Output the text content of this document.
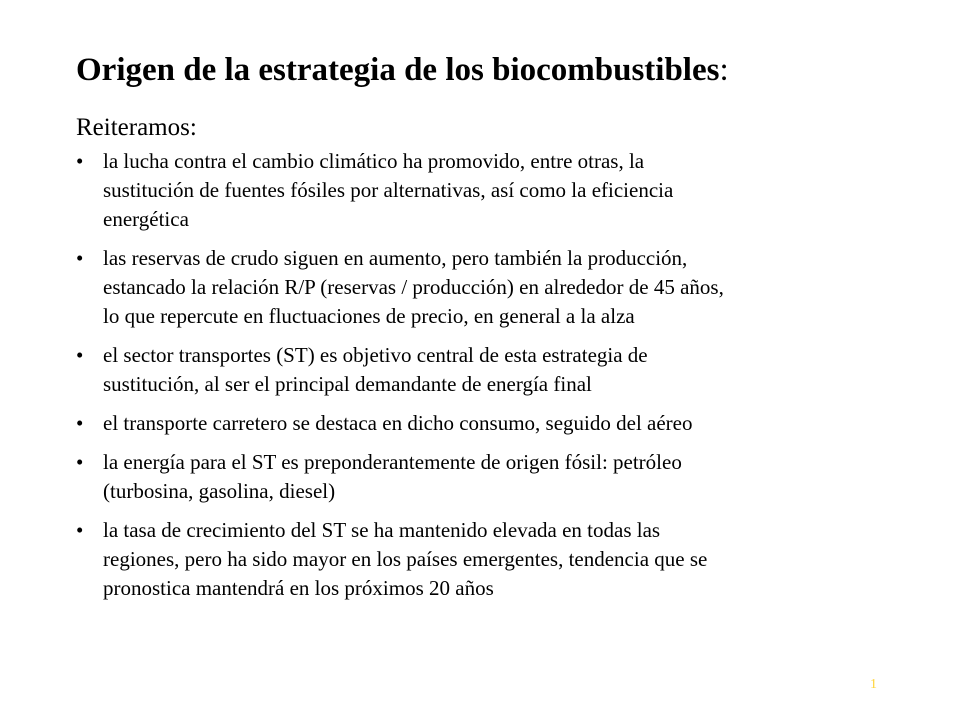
Origen de la estrategia de los biocombustibles:
Reiteramos:
• la lucha contra el cambio climático ha promovido, entre otras, la
sustitución de fuentes fósiles por alternativas, así como la eficiencia
energética
• las reservas de crudo siguen en aumento, pero también la producción,
estancado la relación R/P (reservas / producción) en alrededor de 45 años,
lo que repercute en fluctuaciones de precio, en general a la alza
• el sector transportes (ST) es objetivo central de esta estrategia de
sustitución, al ser el principal demandante de energía final
• el transporte carretero se destaca en dicho consumo, seguido del aéreo
• la energía para el ST es preponderantemente de origen fósil: petróleo
(turbosina, gasolina, diesel)
• la tasa de crecimiento del ST se ha mantenido elevada en todas las
regiones, pero ha sido mayor en los países emergentes, tendencia que se
pronostica mantendrá en los próximos 20 años
1
